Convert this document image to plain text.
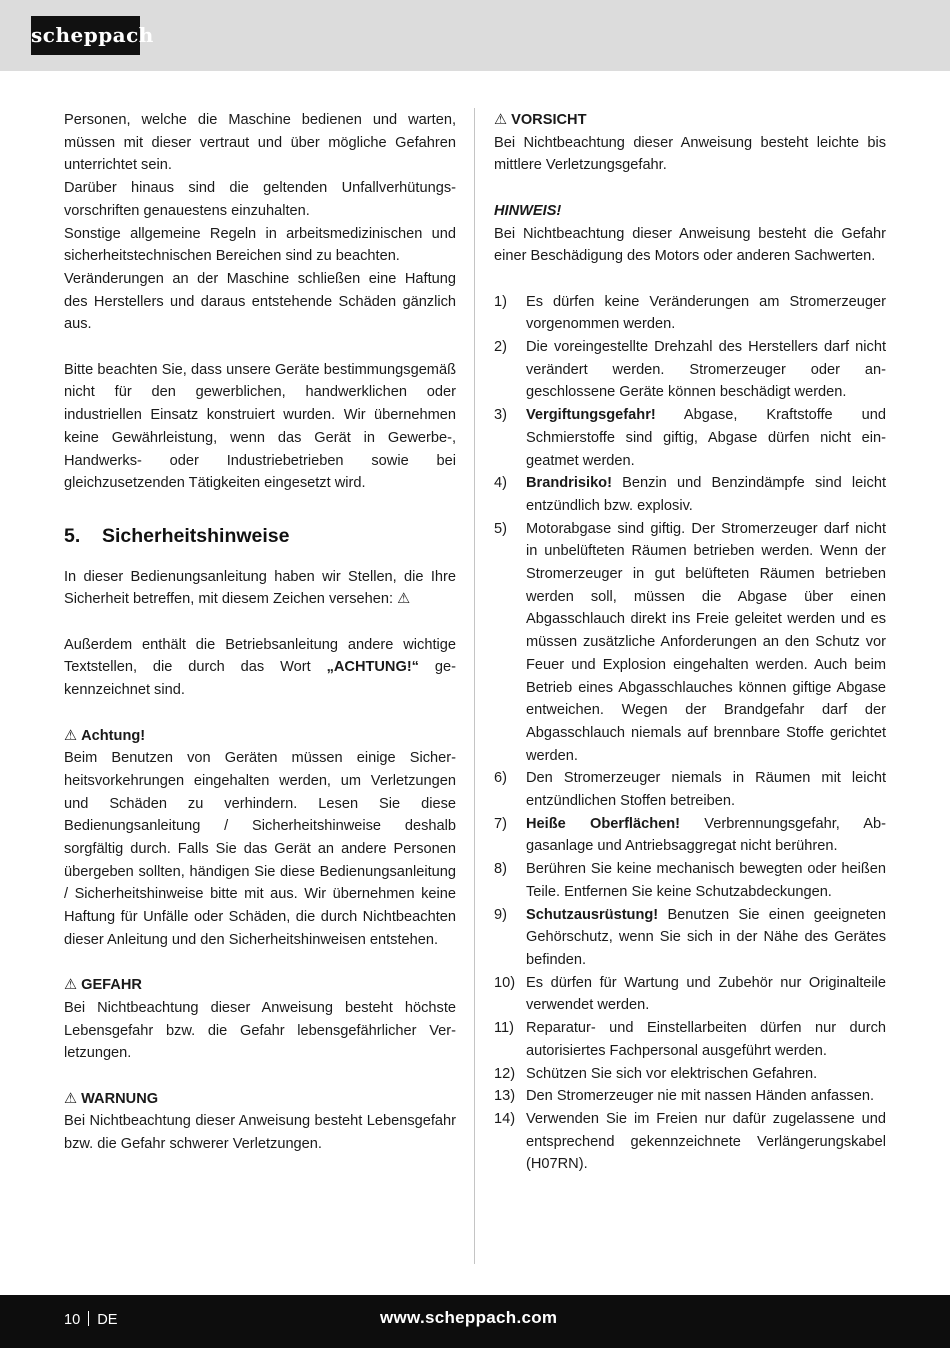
scheppach

Personen, welche die Maschine bedienen und warten, müssen mit dieser vertraut und über mögliche Gefahren unterrichtet sein.

Darüber hinaus sind die geltenden Unfallverhütungsvorschriften genauestens einzuhalten.

Sonstige allgemeine Regeln in arbeitsmedizinischen und sicherheitstechnischen Bereichen sind zu beachten.

Veränderungen an der Maschine schließen eine Haftung des Herstellers und daraus entstehende Schäden gänzlich aus.

Bitte beachten Sie, dass unsere Geräte bestimmungsgemäß nicht für den gewerblichen, handwerklichen oder industriellen Einsatz konstruiert wurden. Wir übernehmen keine Gewährleistung, wenn das Gerät in Gewerbe-, Handwerks- oder Industriebetrieben sowie bei gleichzusetzenden Tätigkeiten eingesetzt wird.

5. Sicherheitshinweise

In dieser Bedienungsanleitung haben wir Stellen, die Ihre Sicherheit betreffen, mit diesem Zeichen versehen: ⚠

Außerdem enthält die Betriebsanleitung andere wichtige Textstellen, die durch das Wort „ACHTUNG!“ gekennzeichnet sind.

⚠ Achtung!

Beim Benutzen von Geräten müssen einige Sicherheitsvorkehrungen eingehalten werden, um Verletzungen und Schäden zu verhindern. Lesen Sie diese Bedienungsanleitung / Sicherheitshinweise deshalb sorgfältig durch. Falls Sie das Gerät an andere Personen übergeben sollten, händigen Sie diese Bedienungsanleitung / Sicherheitshinweise bitte mit aus. Wir übernehmen keine Haftung für Unfälle oder Schäden, die durch Nichtbeachten dieser Anleitung und den Sicherheitshinweisen entstehen.

⚠ GEFAHR

Bei Nichtbeachtung dieser Anweisung besteht höchste Lebensgefahr bzw. die Gefahr lebensgefährlicher Verletzungen.

⚠ WARNUNG

Bei Nichtbeachtung dieser Anweisung besteht Lebensgefahr bzw. die Gefahr schwerer Verletzungen.

⚠ VORSICHT

Bei Nichtbeachtung dieser Anweisung besteht leichte bis mittlere Verletzungsgefahr.

HINWEIS!

Bei Nichtbeachtung dieser Anweisung besteht die Gefahr einer Beschädigung des Motors oder anderen Sachwerten.

1) Es dürfen keine Veränderungen am Stromerzeuger vorgenommen werden.
2) Die voreingestellte Drehzahl des Herstellers darf nicht verändert werden. Stromerzeuger oder angeschlossene Geräte können beschädigt werden.
3) Vergiftungsgefahr! Abgase, Kraftstoffe und Schmierstoffe sind giftig, Abgase dürfen nicht eingeatmet werden.
4) Brandrisiko! Benzin und Benzindämpfe sind leicht entzündlich bzw. explosiv.
5) Motorabgase sind giftig. Der Stromerzeuger darf nicht in unbelüfteten Räumen betrieben werden. Wenn der Stromerzeuger in gut belüfteten Räumen betrieben werden soll, müssen die Abgase über einen Abgasschlauch direkt ins Freie geleitet werden und es müssen zusätzliche Anforderungen an den Schutz vor Feuer und Explosion eingehalten werden. Auch beim Betrieb eines Abgasschlauches können giftige Abgase entweichen. Wegen der Brandgefahr darf der Abgasschlauch niemals auf brennbare Stoffe gerichtet werden.
6) Den Stromerzeuger niemals in Räumen mit leicht entzündlichen Stoffen betreiben.
7) Heiße Oberflächen! Verbrennungsgefahr, Abgasanlage und Antriebsaggregat nicht berühren.
8) Berühren Sie keine mechanisch bewegten oder heißen Teile. Entfernen Sie keine Schutzabdeckungen.
9) Schutzausrüstung! Benutzen Sie einen geeigneten Gehörschutz, wenn Sie sich in der Nähe des Gerätes befinden.
10) Es dürfen für Wartung und Zubehör nur Originalteile verwendet werden.
11) Reparatur- und Einstellarbeiten dürfen nur durch autorisiertes Fachpersonal ausgeführt werden.
12) Schützen Sie sich vor elektrischen Gefahren.
13) Den Stromerzeuger nie mit nassen Händen anfassen.
14) Verwenden Sie im Freien nur dafür zugelassene und entsprechend gekennzeichnete Verlängerungskabel (H07RN).
10 DE	www.scheppach.com
